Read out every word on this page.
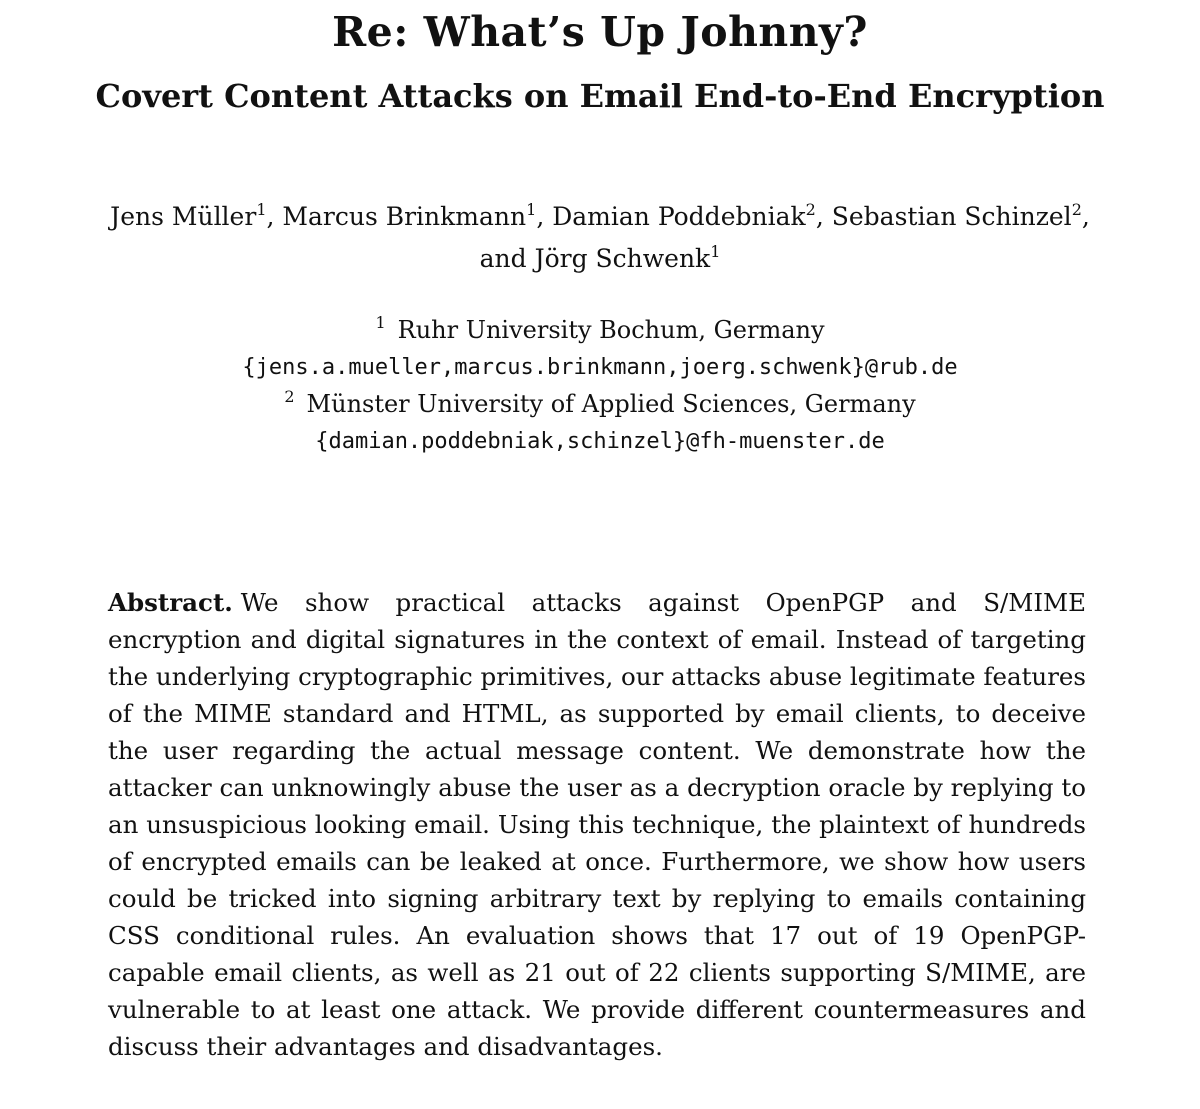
Re: What’s Up Johnny?
Covert Content Attacks on Email End-to-End Encryption
Jens Müller$^1$, Marcus Brinkmann$^1$, Damian Poddebniak$^2$, Sebastian Schinzel$^2$,
and Jörg Schwenk$^1$
$^1$ Ruhr University Bochum, Germany
{jens.a.mueller,marcus.brinkmann,joerg.schwenk}@rub.de
$^2$ Münster University of Applied Sciences, Germany
{damian.poddebniak,schinzel}@fh-muenster.de

Abstract. We show practical attacks against OpenPGP and S/MIME encryption and digital signatures in the context of email. Instead of targeting the underlying cryptographic primitives, our attacks abuse legitimate features of the MIME standard and HTML, as supported by email clients, to deceive the user regarding the actual message content. We demonstrate how the attacker can unknowingly abuse the user as a decryption oracle by replying to an unsuspicious looking email. Using this technique, the plaintext of hundreds of encrypted emails can be leaked at once. Furthermore, we show how users could be tricked into signing arbitrary text by replying to emails containing CSS conditional rules. An evaluation shows that 17 out of 19 OpenPGP-capable email clients, as well as 21 out of 22 clients supporting S/MIME, are vulnerable to at least one attack. We provide different countermeasures and discuss their advantages and disadvantages.
